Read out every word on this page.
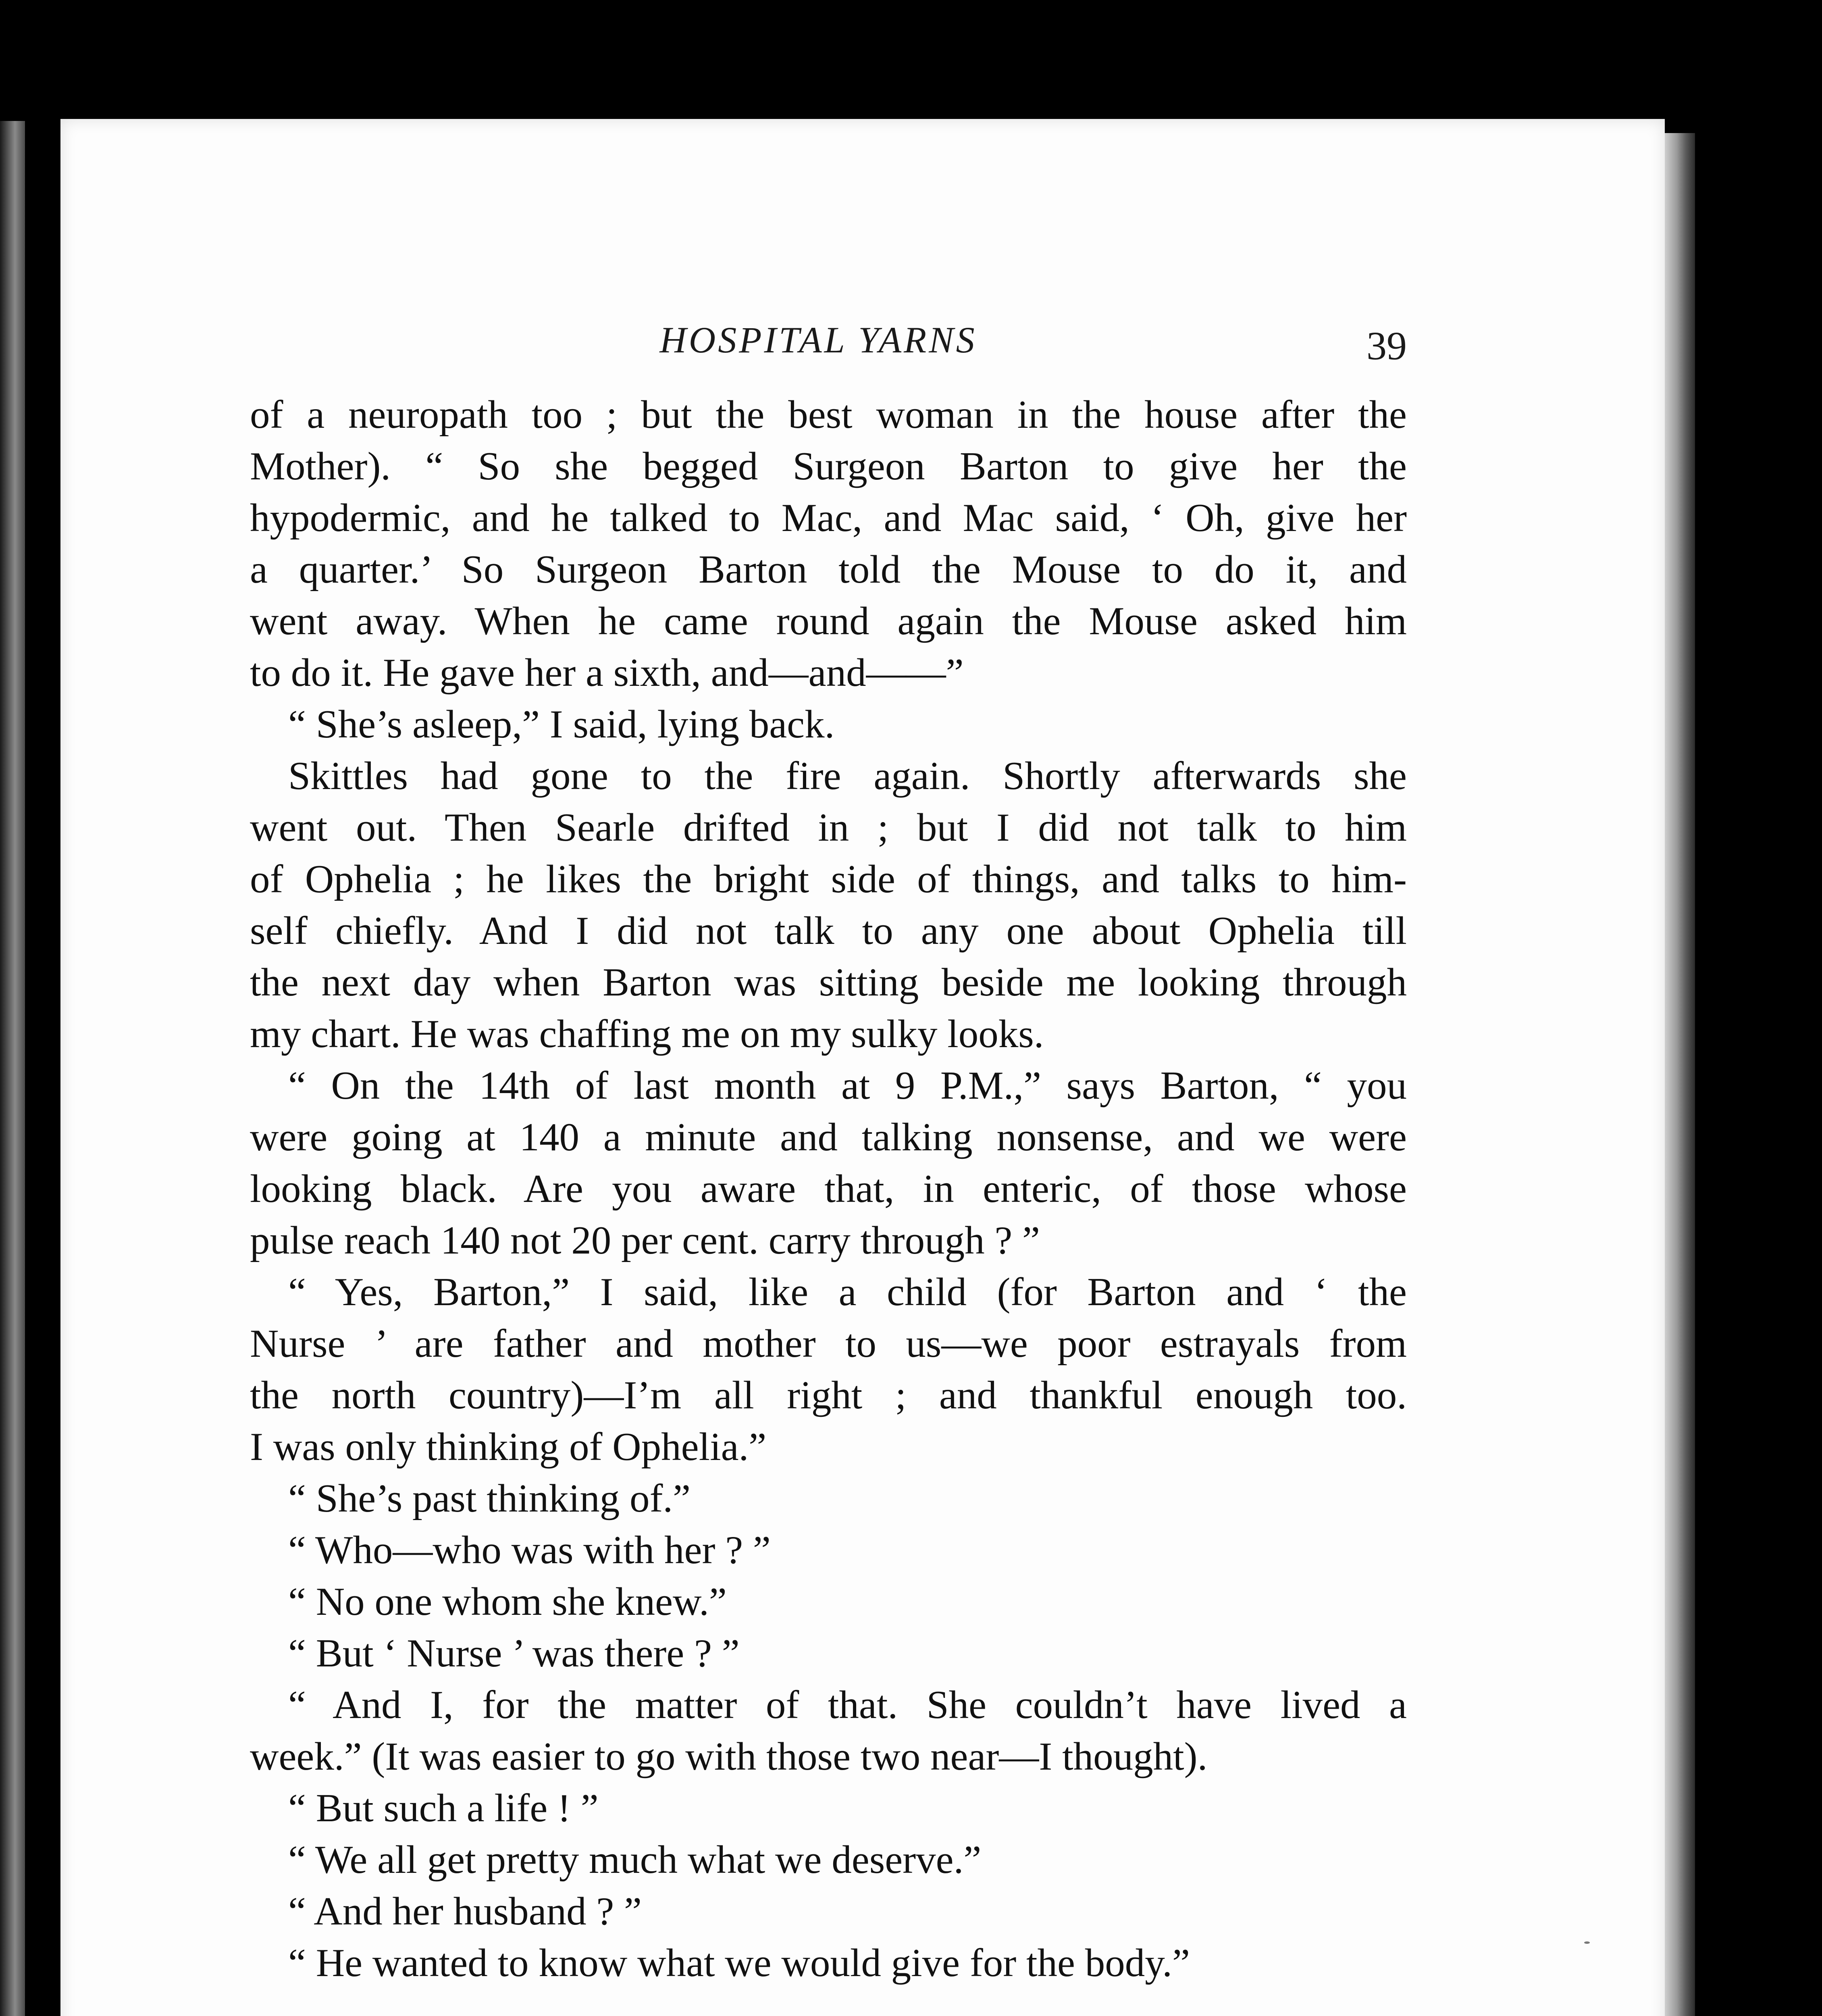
HOSPITAL YARNS	39
of a neuropath too ; but the best woman in the house after the
Mother). “ So she begged Surgeon Barton to give her the
hypodermic, and he talked to Mac, and Mac said, ‘ Oh, give her
a quarter.’ So Surgeon Barton told the Mouse to do it, and
went away. When he came round again the Mouse asked him
to do it. He gave her a sixth, and—and——”
“ She’s asleep,” I said, lying back.
Skittles had gone to the fire again. Shortly afterwards she
went out. Then Searle drifted in ; but I did not talk to him
of Ophelia ; he likes the bright side of things, and talks to him-
self chiefly. And I did not talk to any one about Ophelia till
the next day when Barton was sitting beside me looking through
my chart. He was chaffing me on my sulky looks.
“ On the 14th of last month at 9 P.M.,” says Barton, “ you
were going at 140 a minute and talking nonsense, and we were
looking black. Are you aware that, in enteric, of those whose
pulse reach 140 not 20 per cent. carry through ? ”
“ Yes, Barton,” I said, like a child (for Barton and ‘ the
Nurse ’ are father and mother to us—we poor estrayals from
the north country)—I’m all right ; and thankful enough too.
I was only thinking of Ophelia.”
“ She’s past thinking of.”
“ Who—who was with her ? ”
“ No one whom she knew.”
“ But ‘ Nurse ’ was there ? ”
“ And I, for the matter of that. She couldn’t have lived a
week.” (It was easier to go with those two near—I thought).
“ But such a life ! ”
“ We all get pretty much what we deserve.”
“ And her husband ? ”
“ He wanted to know what we would give for the body.”
